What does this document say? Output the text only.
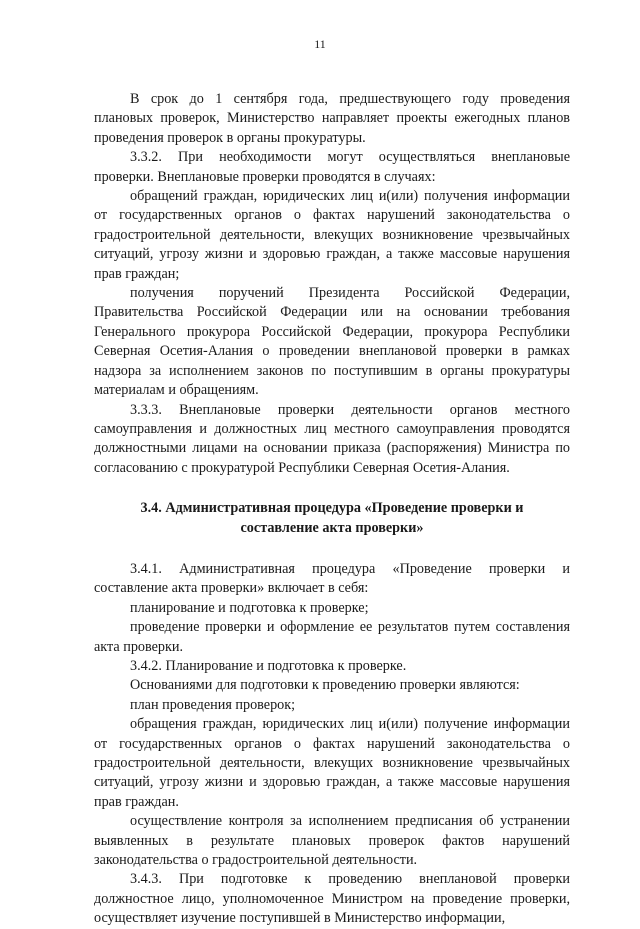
11

В срок до 1 сентября года, предшествующего году проведения плановых проверок, Министерство направляет проекты ежегодных планов проведения проверок в органы прокуратуры.

3.3.2. При необходимости могут осуществляться внеплановые проверки. Внеплановые проверки проводятся в случаях:

обращений граждан, юридических лиц и(или) получения информации от государственных органов о фактах нарушений законодательства о градостроительной деятельности, влекущих возникновение чрезвычайных ситуаций, угрозу жизни и здоровью граждан, а также массовые нарушения прав граждан;

получения поручений Президента Российской Федерации, Правительства Российской Федерации или на основании требования Генерального прокурора Российской Федерации, прокурора Республики Северная Осетия-Алания о проведении внеплановой проверки в рамках надзора за исполнением законов по поступившим в органы прокуратуры материалам и обращениям.

3.3.3. Внеплановые проверки деятельности органов местного самоуправления и должностных лиц местного самоуправления проводятся должностными лицами на основании приказа (распоряжения) Министра по согласованию с прокуратурой Республики Северная Осетия-Алания.

3.4. Административная процедура «Проведение проверки и составление акта проверки»

3.4.1. Административная процедура «Проведение проверки и составление акта проверки» включает в себя:

планирование и подготовка к проверке;

проведение проверки и оформление ее результатов путем составления акта проверки.

3.4.2. Планирование и подготовка к проверке.

Основаниями для подготовки к проведению проверки являются:

план проведения проверок;

обращения граждан, юридических лиц и(или) получение информации от государственных органов о фактах нарушений законодательства о градостроительной деятельности, влекущих возникновение чрезвычайных ситуаций, угрозу жизни и здоровью граждан, а также массовые нарушения прав граждан.

осуществление контроля за исполнением предписания об устранении выявленных в результате плановых проверок фактов нарушений законодательства о градостроительной деятельности.

3.4.3. При подготовке к проведению внеплановой проверки должностное лицо, уполномоченное Министром на проведение проверки, осуществляет изучение поступившей в Министерство информации,
